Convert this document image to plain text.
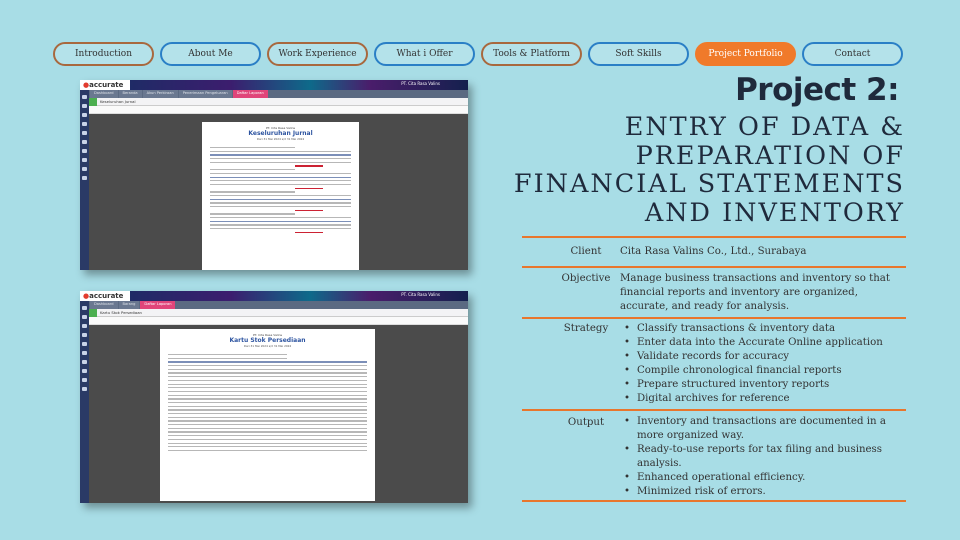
Introduction	About Me	Work Experience	What i Offer	Tools & Platform	Soft Skills	Project Portfolio	Contact
●accurate	PT. Cita Rasa Valins
Dashboard	Beranda	Akun Perkiraan	Penerimaan Pengeluaran	Daftar Laporan
Keseluruhan Jurnal
PT. Cita Rasa Valins
Keseluruhan Jurnal
Dari 31 Mei 2024 s/d 31 Mei 2024
●accurate	PT. Cita Rasa Valins
Dashboard	Barang	Daftar Laporan
Kartu Stok Persediaan
PT. Cita Rasa Valins
Kartu Stok Persediaan
Dari 31 Mei 2024 s/d 31 Mei 2024
Project 2:
ENTRY OF DATA & PREPARATION OF FINANCIAL STATEMENTS AND INVENTORY
Client	Cita Rasa Valins Co., Ltd., Surabaya
Objective Manage business transactions and inventory so that financial reports and inventory are organized, accurate, and ready for analysis.
Strategy	• Classify transactions & inventory data
• Enter data into the Accurate Online application
• Validate records for accuracy
• Compile chronological financial reports
• Prepare structured inventory reports
• Digital archives for reference
Output	• Inventory and transactions are documented in a more organized way.
• Ready-to-use reports for tax filing and business analysis.
• Enhanced operational efficiency.
• Minimized risk of errors.
